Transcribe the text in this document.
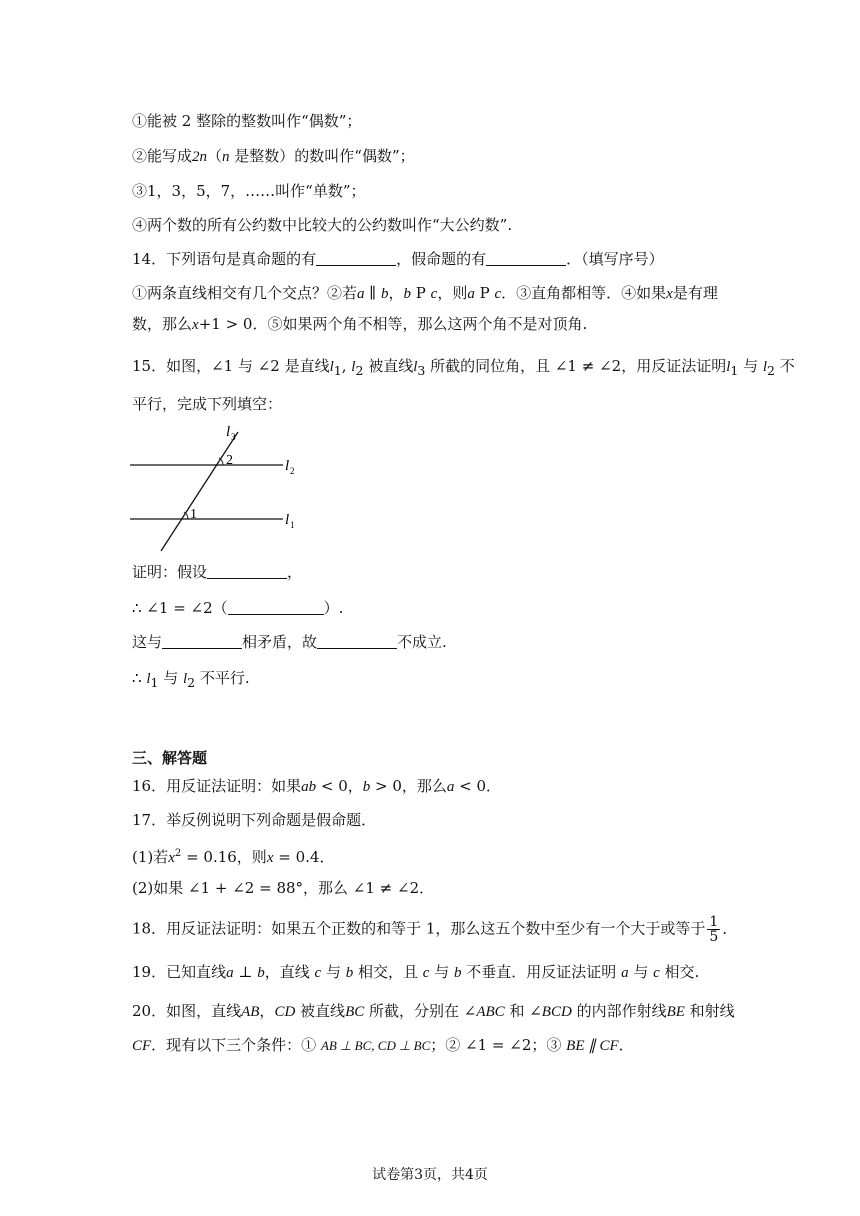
①能被 2 整除的整数叫作“偶数”；
②能写成2n（n 是整数）的数叫作“偶数”；
③1，3，5，7，……叫作“单数”；
④两个数的所有公约数中比较大的公约数叫作“大公约数”.
14．下列语句是真命题的有	，假命题的有	．（填写序号）
①两条直线相交有几个交点？②若a ∥ b，b P c，则a P c．③直角都相等．④如果x是有理
数，那么x+1 > 0．⑤如果两个角不相等，那么这两个角不是对顶角.
15．如图，∠1 与 ∠2 是直线$l_1$, $l_2$ 被直线$l_3$ 所截的同位角，且 ∠1 ≠ ∠2，用反证法证明$l_1$ 与 $l_2$ 不
平行，完成下列填空：
l 3
l 2
l 1
2
1
证明：假设	，
∴ ∠1 = ∠2（	）.
这与	相矛盾，故	不成立.
∴ $l_1$ 与 $l_2$ 不平行.
三、解答题
16．用反证法证明：如果ab < 0，b > 0，那么a < 0．
17．举反例说明下列命题是假命题．
(1)若$x^2 = 0.16$，则x = 0.4．
(2)如果 ∠1 + ∠2 = 88°，那么 ∠1 ≠ ∠2．
18．用反证法证明：如果五个正数的和等于 1，那么这五个数中至少有一个大于或等于 $\frac{1}{5}$ ．
19．已知直线a ⊥ b，直线 c 与 b 相交，且 c 与 b 不垂直．用反证法证明 a 与 c 相交.
20．如图，直线AB，CD 被直线BC 所截，分别在 ∠ABC 和 ∠BCD 的内部作射线BE 和射线
CF．现有以下三个条件：① AB ⊥ BC, CD ⊥ BC；② ∠1 = ∠2；③ BE ∥ CF．
试卷第3页，共4页
